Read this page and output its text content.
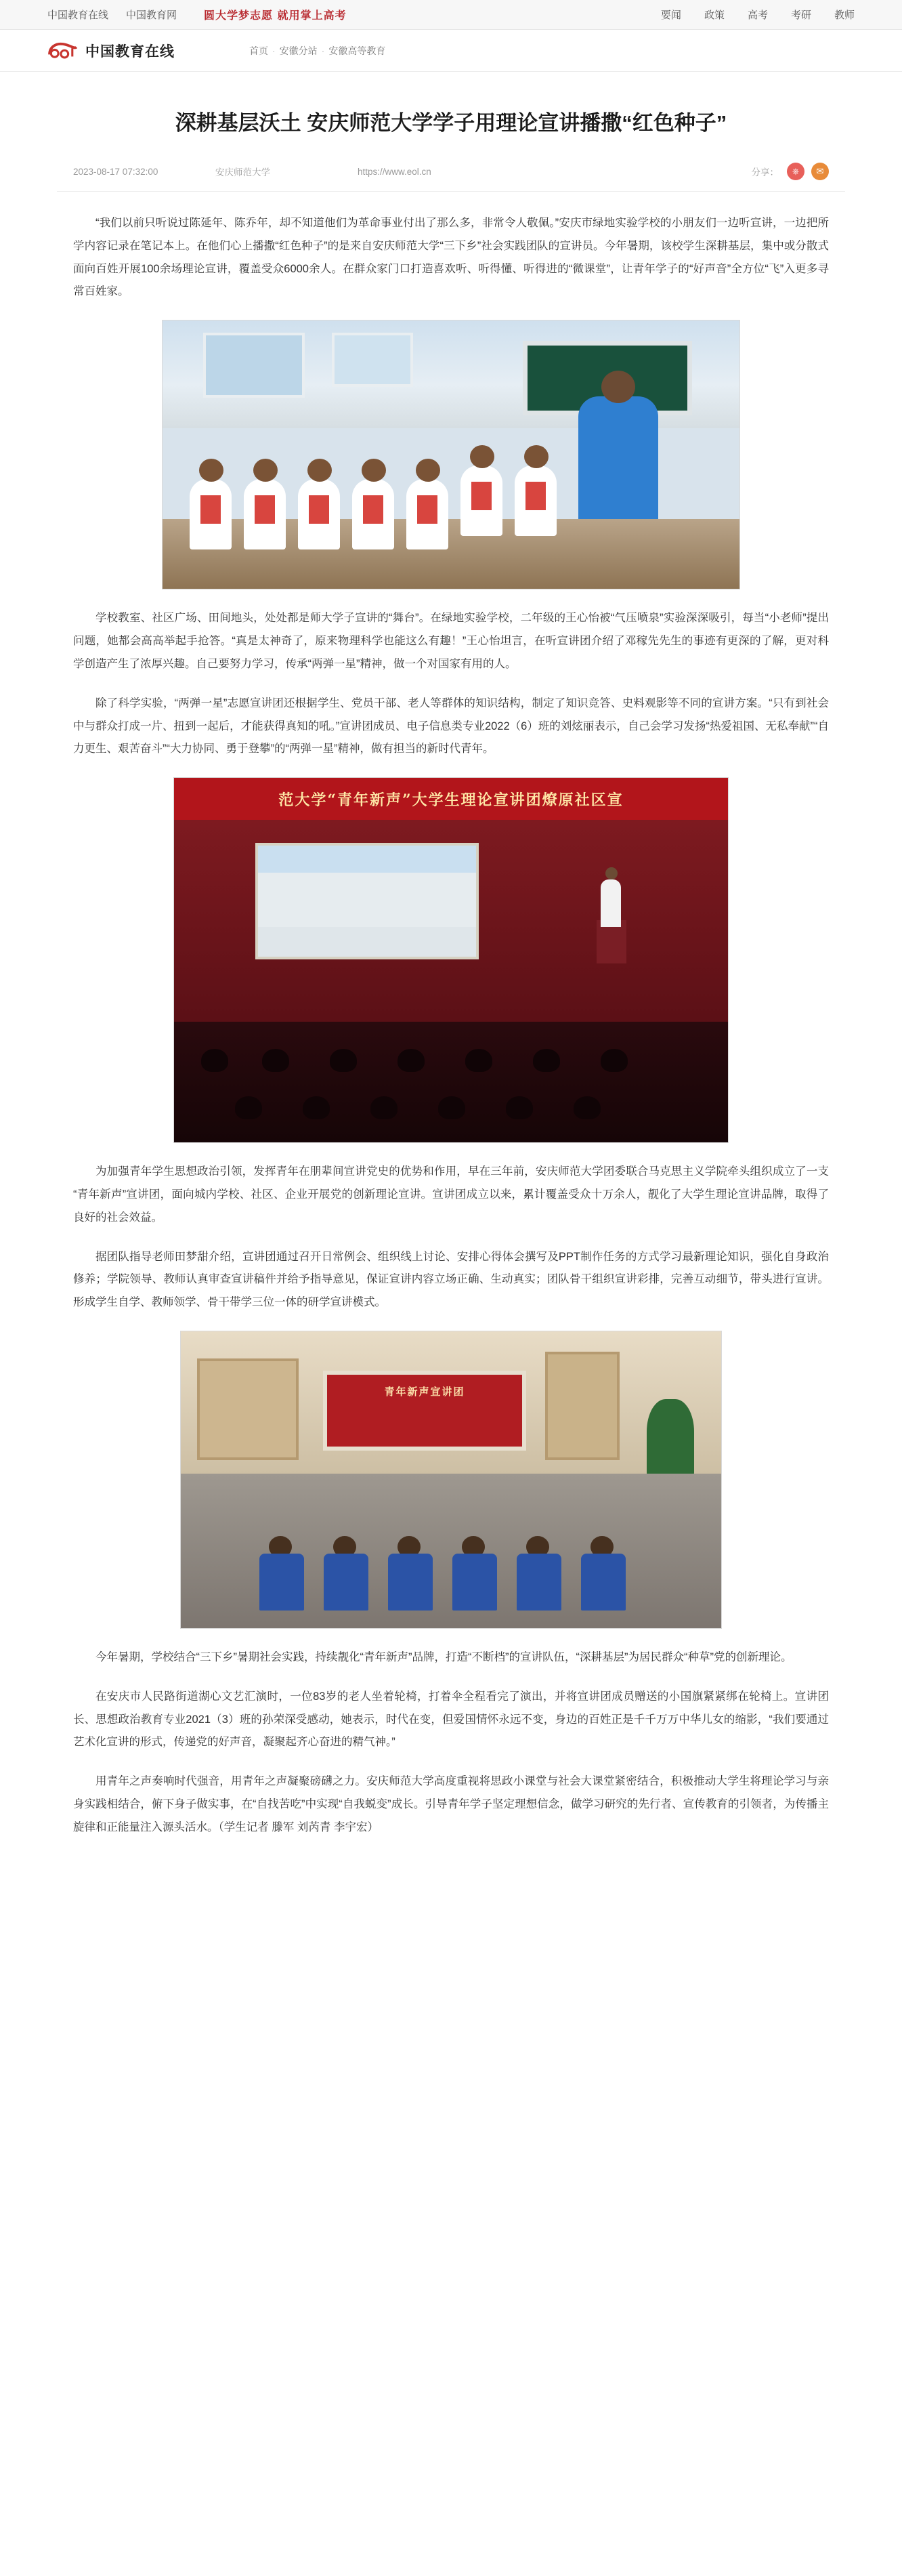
中国教育在线 中国教育网	圆大学梦志愿 就用掌上高考	要闻 政策 高考 考研 教师
中国教育在线	首页 · 安徽分站 · 安徽高等教育
深耕基层沃土 安庆师范大学学子用理论宣讲播撒“红色种子”
2023-08-17 07:32:00	安庆师范大学	https://www.eol.cn	分享：	⎈	✉

“我们以前只听说过陈延年、陈乔年，却不知道他们为革命事业付出了那么多，非常令人敬佩。”安庆市绿地实验学校的小朋友们一边听宣讲，一边把所学内容记录在笔记本上。在他们心上播撒“红色种子”的是来自安庆师范大学“三下乡”社会实践团队的宣讲员。今年暑期，该校学生深耕基层，集中或分散式面向百姓开展100余场理论宣讲，覆盖受众6000余人。在群众家门口打造喜欢听、听得懂、听得进的“微课堂”，让青年学子的“好声音”全方位“飞”入更多寻常百姓家。

学校教室、社区广场、田间地头，处处都是师大学子宣讲的“舞台”。在绿地实验学校，二年级的王心怡被“气压喷泉”实验深深吸引，每当“小老师”提出问题，她都会高高举起手抢答。“真是太神奇了，原来物理科学也能这么有趣！”王心怡坦言，在听宣讲团介绍了邓稼先先生的事迹有更深的了解，更对科学创造产生了浓厚兴趣。自己要努力学习，传承“两弹一星”精神，做一个对国家有用的人。

除了科学实验，“两弹一星”志愿宣讲团还根据学生、党员干部、老人等群体的知识结构，制定了知识竞答、史料观影等不同的宣讲方案。“只有到社会中与群众打成一片、扭到一起后，才能获得真知的吼。”宣讲团成员、电子信息类专业2022（6）班的刘炫丽表示，自己会学习发扬“热爱祖国、无私奉献”“自力更生、艰苦奋斗”“大力协同、勇于登攀”的“两弹一星”精神，做有担当的新时代青年。

范大学“青年新声”大学生理论宣讲团燎原社区宣

为加强青年学生思想政治引领，发挥青年在朋辈间宣讲党史的优势和作用，早在三年前，安庆师范大学团委联合马克思主义学院牵头组织成立了一支“青年新声”宣讲团，面向城内学校、社区、企业开展党的创新理论宣讲。宣讲团成立以来，累计覆盖受众十万余人，靓化了大学生理论宣讲品牌，取得了良好的社会效益。

据团队指导老师田梦甜介绍，宣讲团通过召开日常例会、组织线上讨论、安排心得体会撰写及PPT制作任务的方式学习最新理论知识，强化自身政治修养；学院领导、教师认真审查宣讲稿件并给予指导意见，保证宣讲内容立场正确、生动真实；团队骨干组织宣讲彩排，完善互动细节，带头进行宣讲。形成学生自学、教师领学、骨干带学三位一体的研学宣讲模式。

青年新声宣讲团

今年暑期，学校结合“三下乡”暑期社会实践，持续靓化“青年新声”品牌，打造“不断档”的宣讲队伍，“深耕基层”为居民群众“种草”党的创新理论。

在安庆市人民路街道湖心文艺汇演时，一位83岁的老人坐着轮椅，打着伞全程看完了演出，并将宣讲团成员赠送的小国旗紧紧绑在轮椅上。宣讲团长、思想政治教育专业2021（3）班的孙荣深受感动，她表示，时代在变，但爱国情怀永远不变，身边的百姓正是千千万万中华儿女的缩影，“我们要通过艺术化宣讲的形式，传递党的好声音，凝聚起齐心奋进的精气神。”

用青年之声奏响时代强音，用青年之声凝聚磅礴之力。安庆师范大学高度重视将思政小课堂与社会大课堂紧密结合，积极推动大学生将理论学习与亲身实践相结合，俯下身子做实事，在“自找苦吃”中实现“自我蜕变”成长。引导青年学子坚定理想信念，做学习研究的先行者、宣传教育的引领者，为传播主旋律和正能量注入源头活水。（学生记者 滕军 刘芮青 李宇宏）
